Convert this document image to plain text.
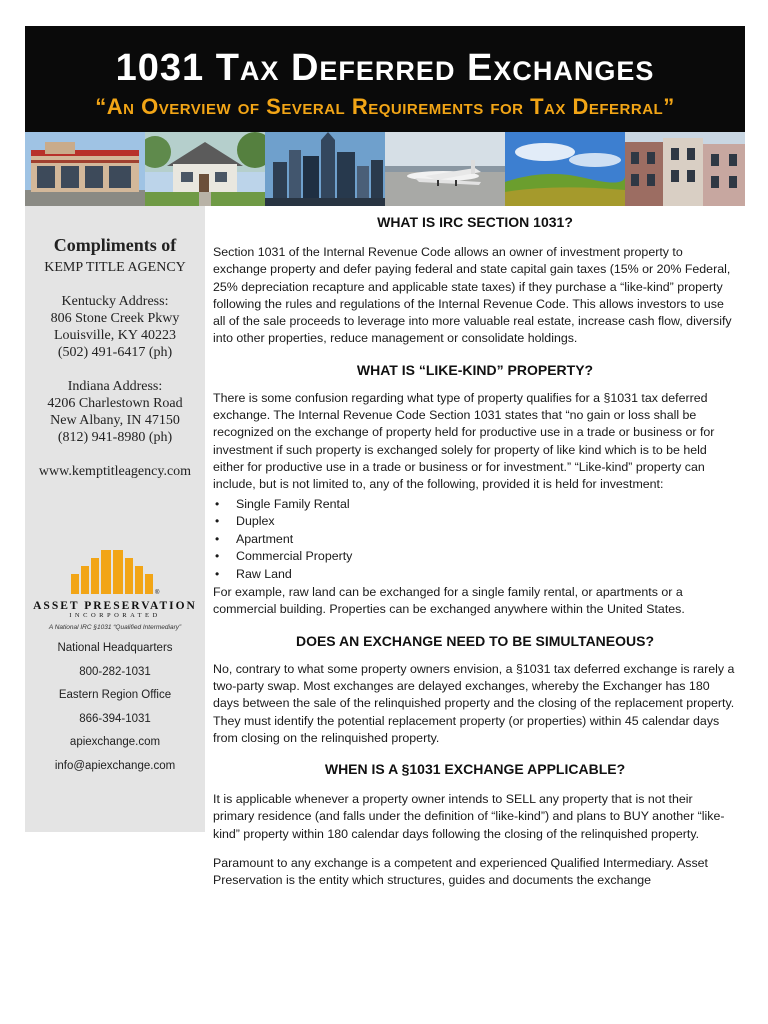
1031 Tax Deferred Exchanges
“An Overview of Several Requirements for Tax Deferral”
Compliments of
KEMP TITLE AGENCY
Kentucky Address:
806 Stone Creek Pkwy
Louisville, KY 40223
(502) 491-6417 (ph)
Indiana Address:
4206 Charlestown Road
New Albany, IN 47150
(812) 941-8980 (ph)
www.kemptitleagency.com
®
ASSET PRESERVATION
INCORPORATED
A National IRC §1031 “Qualified Intermediary”
National Headquarters
800-282-1031
Eastern Region Office
866-394-1031
apiexchange.com
info@apiexchange.com
WHAT IS IRC SECTION 1031?
Section 1031 of the Internal Revenue Code allows an owner of investment property to exchange property and defer paying federal and state capital gain taxes (15% or 20% Federal, 25% depreciation recapture and applicable state taxes) if they purchase a “like-kind” property following the rules and regulations of the Internal Revenue Code. This allows investors to use all of the sale proceeds to leverage into more valuable real estate, increase cash flow, diversify into other properties, reduce management or consolidate holdings.
WHAT IS “LIKE-KIND” PROPERTY?
There is some confusion regarding what type of property qualifies for a §1031 tax deferred exchange. The Internal Revenue Code Section 1031 states that “no gain or loss shall be recognized on the exchange of property held for productive use in a trade or business or for investment if such property is exchanged solely for property of like kind which is to be held either for productive use in a trade or business or for investment.” “Like-kind” property can include, but is not limited to, any of the following, provided it is held for investment:
• Single Family Rental
• Duplex
• Apartment
• Commercial Property
• Raw Land
For example, raw land can be exchanged for a single family rental, or apartments or a commercial building. Properties can be exchanged anywhere within the United States.
DOES AN EXCHANGE NEED TO BE SIMULTANEOUS?
No, contrary to what some property owners envision, a §1031 tax deferred exchange is rarely a two-party swap. Most exchanges are delayed exchanges, whereby the Exchanger has 180 days between the sale of the relinquished property and the closing of the replacement property. They must identify the potential replacement property (or properties) within 45 calendar days from closing on the relinquished property.
WHEN IS A §1031 EXCHANGE APPLICABLE?
It is applicable whenever a property owner intends to SELL any property that is not their primary residence (and falls under the definition of “like-kind”) and plans to BUY another “like-kind” property within 180 calendar days following the closing of the relinquished property.
Paramount to any exchange is a competent and experienced Qualified Intermediary. Asset Preservation is the entity which structures, guides and documents the exchange
